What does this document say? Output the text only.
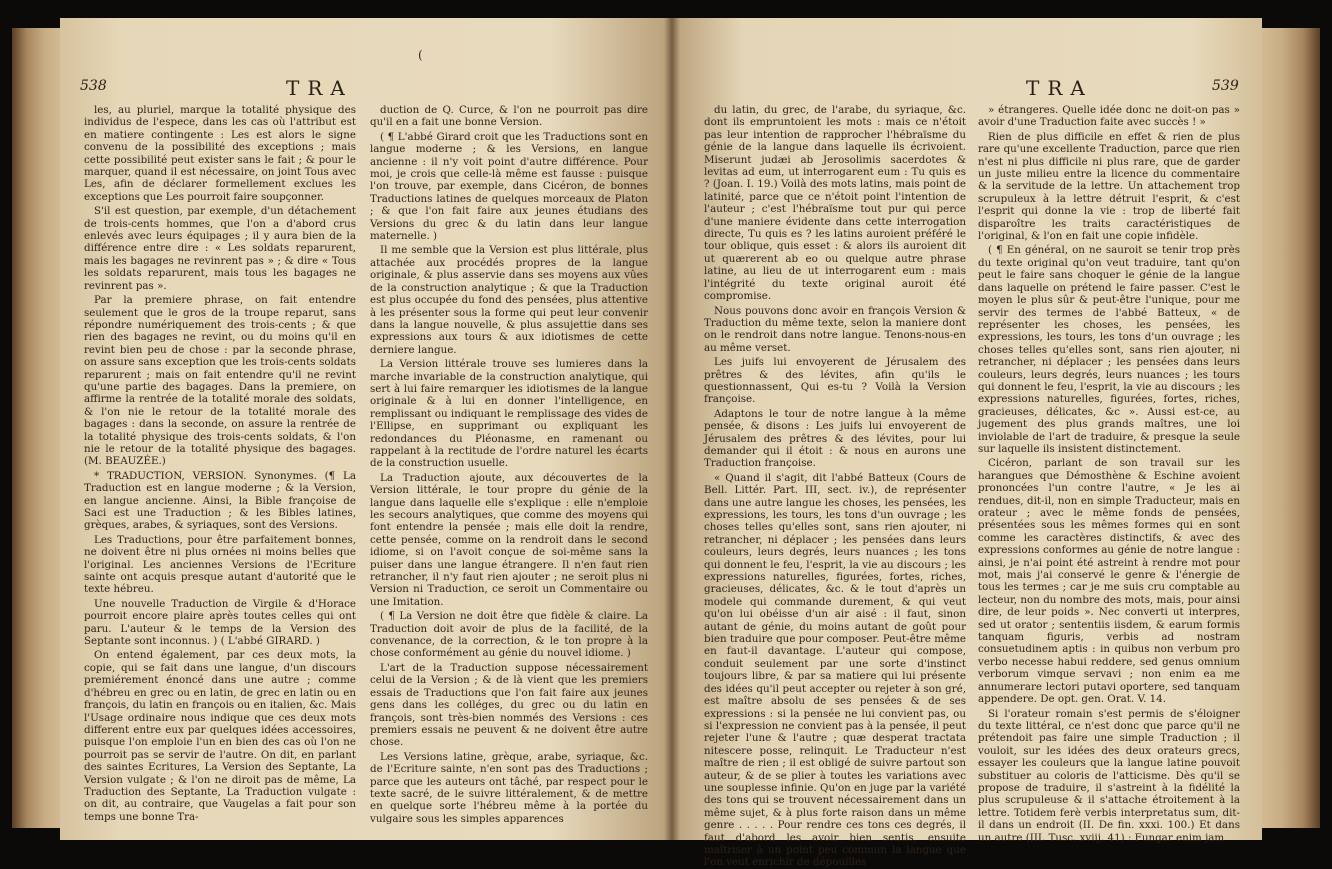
538	TRA
(

les, au pluriel, marque la totalité physique des individus de l'espece, dans les cas où l'attribut est en matiere contingente : Les est alors le signe convenu de la possibilité des exceptions ; mais cette possibilité peut exister sans le fait ; & pour le marquer, quand il est nécessaire, on joint Tous avec Les, afin de déclarer formellement exclues les exceptions que Les pourroit faire soupçonner.

S'il est question, par exemple, d'un détachement de trois-cents hommes, que l'on a d'abord crus enlevés avec leurs équipages ; il y aura bien de la différence entre dire : « Les soldats reparurent, mais les bagages ne revinrent pas » ; & dire « Tous les soldats reparurent, mais tous les bagages ne revinrent pas ».

Par la premiere phrase, on fait entendre seulement que le gros de la troupe reparut, sans répondre numériquement des trois-cents ; & que rien des bagages ne revint, ou du moins qu'il en revint bien peu de chose : par la seconde phrase, on assure sans exception que les trois-cents soldats reparurent ; mais on fait entendre qu'il ne revint qu'une partie des bagages. Dans la premiere, on affirme la rentrée de la totalité morale des soldats, & l'on nie le retour de la totalité morale des bagages : dans la seconde, on assure la rentrée de la totalité physique des trois-cents soldats, & l'on nie le retour de la totalité physique des bagages. (M. BEAUZÉE.)

* TRADUCTION, VERSION. Synonymes. (¶ La Traduction est en langue moderne ; & la Version, en langue ancienne. Ainsi, la Bible françoise de Saci est une Traduction ; & les Bibles latines, grèques, arabes, & syriaques, sont des Versions.

Les Traductions, pour être parfaitement bonnes, ne doivent être ni plus ornées ni moins belles que l'original. Les anciennes Versions de l'Ecriture sainte ont acquis presque autant d'autorité que le texte hébreu.

Une nouvelle Traduction de Virgile & d'Horace pourroit encore plaire après toutes celles qui ont paru. L'auteur & le temps de la Version des Septante sont inconnus. ) ( L'abbé GIRARD. )

On entend également, par ces deux mots, la copie, qui se fait dans une langue, d'un discours premiérement énoncé dans une autre ; comme d'hébreu en grec ou en latin, de grec en latin ou en françois, du latin en françois ou en italien, &c. Mais l'Usage ordinaire nous indique que ces deux mots different entre eux par quelques idées accessoires, puisque l'on emploie l'un en bien des cas où l'on ne pourroit pas se servir de l'autre. On dit, en parlant des saintes Ecritures, La Version des Septante, La Version vulgate ; & l'on ne diroit pas de même, La Traduction des Septante, La Traduction vulgate : on dit, au contraire, que Vaugelas a fait pour son temps une bonne Tra-

duction de Q. Curce, & l'on ne pourroit pas dire qu'il en a fait une bonne Version.

( ¶ L'abbé Girard croit que les Traductions sont en langue moderne ; & les Versions, en langue ancienne : il n'y voit point d'autre différence. Pour moi, je crois que celle-là même est fausse : puisque l'on trouve, par exemple, dans Cicéron, de bonnes Traductions latines de quelques morceaux de Platon ; & que l'on fait faire aux jeunes étudians des Versions du grec & du latin dans leur langue maternelle. )

Il me semble que la Version est plus littérale, plus attachée aux procédés propres de la langue originale, & plus asservie dans ses moyens aux vûes de la construction analytique ; & que la Traduction est plus occupée du fond des pensées, plus attentive à les présenter sous la forme qui peut leur convenir dans la langue nouvelle, & plus assujettie dans ses expressions aux tours & aux idiotismes de cette derniere langue.

La Version littérale trouve ses lumieres dans la marche invariable de la construction analytique, qui sert à lui faire remarquer les idiotismes de la langue originale & à lui en donner l'intelligence, en remplissant ou indiquant le remplissage des vides de l'Ellipse, en supprimant ou expliquant les redondances du Pléonasme, en ramenant ou rappelant à la rectitude de l'ordre naturel les écarts de la construction usuelle.

La Traduction ajoute, aux découvertes de la Version littérale, le tour propre du génie de la langue dans laquelle elle s'explique : elle n'emploie les secours analytiques, que comme des moyens qui font entendre la pensée ; mais elle doit la rendre, cette pensée, comme on la rendroit dans le second idiome, si on l'avoit conçue de soi-même sans la puiser dans une langue étrangere. Il n'en faut rien retrancher, il n'y faut rien ajouter ; ne seroit plus ni Version ni Traduction, ce seroit un Commentaire ou une Imitation.

( ¶ La Version ne doit être que fidèle & claire. La Traduction doit avoir de plus de la facilité, de la convenance, de la correction, & le ton propre à la chose conformément au génie du nouvel idiome. )

L'art de la Traduction suppose nécessairement celui de la Version ; & de là vient que les premiers essais de Traductions que l'on fait faire aux jeunes gens dans les colléges, du grec ou du latin en françois, sont très-bien nommés des Versions : ces premiers essais ne peuvent & ne doivent être autre chose.

Les Versions latine, grèque, arabe, syriaque, &c. de l'Ecriture sainte, n'en sont pas des Traductions ; parce que les auteurs ont tâché, par respect pour le texte sacré, de le suivre littéralement, & de mettre en quelque sorte l'hébreu même à la portée du vulgaire sous les simples apparences

TRA	539

du latin, du grec, de l'arabe, du syriaque, &c. dont ils empruntoient les mots : mais ce n'étoit pas leur intention de rapprocher l'hébraïsme du génie de la langue dans laquelle ils écrivoient. Miserunt judæi ab Jerosolimis sacerdotes & levitas ad eum, ut interrogarent eum : Tu quis es ? (Joan. I. 19.) Voilà des mots latins, mais point de latinité, parce que ce n'étoit point l'intention de l'auteur ; c'est l'hébraïsme tout pur qui perce d'une maniere évidente dans cette interrogation directe, Tu quis es ? les latins auroient préféré le tour oblique, quis esset : & alors ils auroient dit ut quærerent ab eo ou quelque autre phrase latine, au lieu de ut interrogarent eum : mais l'intégrité du texte original auroit été compromise.

Nous pouvons donc avoir en françois Version & Traduction du même texte, selon la maniere dont on le rendroit dans notre langue. Tenons-nous-en au même verset.

Les juifs lui envoyerent de Jérusalem des prêtres & des lévites, afin qu'ils le questionnassent, Qui es-tu ? Voilà la Version françoise.

Adaptons le tour de notre langue à la même pensée, & disons : Les juifs lui envoyerent de Jérusalem des prêtres & des lévites, pour lui demander qui il étoit : & nous en aurons une Traduction françoise.

« Quand il s'agit, dit l'abbé Batteux (Cours de Bell. Littér. Part. III, sect. iv.), de représenter dans une autre langue les choses, les pensées, les expressions, les tours, les tons d'un ouvrage ; les choses telles qu'elles sont, sans rien ajouter, ni retrancher, ni déplacer ; les pensées dans leurs couleurs, leurs degrés, leurs nuances ; les tons qui donnent le feu, l'esprit, la vie au discours ; les expressions naturelles, figurées, fortes, riches, gracieuses, délicates, &c. & le tout d'après un modele qui commande durement, & qui veut qu'on lui obéisse d'un air aisé : il faut, sinon autant de génie, du moins autant de goût pour bien traduire que pour composer. Peut-être même en faut-il davantage. L'auteur qui compose, conduit seulement par une sorte d'instinct toujours libre, & par sa matiere qui lui présente des idées qu'il peut accepter ou rejeter à son gré, est maître absolu de ses pensées & de ses expressions : si la pensée ne lui convient pas, ou si l'expression ne convient pas à la pensée, il peut rejeter l'une & l'autre ; quæ desperat tractata nitescere posse, relinquit. Le Traducteur n'est maître de rien ; il est obligé de suivre partout son auteur, & de se plier à toutes les variations avec une souplesse infinie. Qu'on en juge par la variété des tons qui se trouvent nécessairement dans un même sujet, & à plus forte raison dans un même genre . . . . . Pour rendre ces tons ces degrés, il faut d'abord les avoir bien sentis, ensuite maîtriser à un point peu commun la langue que l'on veut enrichir de dépouilles

» étrangeres. Quelle idée donc ne doit-on pas » avoir d'une Traduction faite avec succès ! »

Rien de plus difficile en effet & rien de plus rare qu'une excellente Traduction, parce que rien n'est ni plus difficile ni plus rare, que de garder un juste milieu entre la licence du commentaire & la servitude de la lettre. Un attachement trop scrupuleux à la lettre détruit l'esprit, & c'est l'esprit qui donne la vie : trop de liberté fait disparoître les traits caractéristiques de l'original, & l'on en fait une copie infidèle.

( ¶ En général, on ne sauroit se tenir trop près du texte original qu'on veut traduire, tant qu'on peut le faire sans choquer le génie de la langue dans laquelle on prétend le faire passer. C'est le moyen le plus sûr & peut-être l'unique, pour me servir des termes de l'abbé Batteux, « de représenter les choses, les pensées, les expressions, les tours, les tons d'un ouvrage ; les choses telles qu'elles sont, sans rien ajouter, ni retrancher, ni déplacer ; les pensées dans leurs couleurs, leurs degrés, leurs nuances ; les tours qui donnent le feu, l'esprit, la vie au discours ; les expressions naturelles, figurées, fortes, riches, gracieuses, délicates, &c ». Aussi est-ce, au jugement des plus grands maîtres, une loi inviolable de l'art de traduire, & presque la seule sur laquelle ils insistent distinctement.

Cicéron, parlant de son travail sur les harangues que Démosthène & Eschine avoient prononcées l'un contre l'autre, « Je les ai rendues, dit-il, non en simple Traducteur, mais en orateur ; avec le même fonds de pensées, présentées sous les mêmes formes qui en sont comme les caractères distinctifs, & avec des expressions conformes au génie de notre langue : ainsi, je n'ai point été astreint à rendre mot pour mot, mais j'ai conservé le genre & l'énergie de tous les termes ; car je me suis cru comptable au lecteur, non du nombre des mots, mais, pour ainsi dire, de leur poids ». Nec converti ut interpres, sed ut orator ; sententiis iisdem, & earum formis tanquam figuris, verbis ad nostram consuetudinem aptis : in quibus non verbum pro verbo necesse habui reddere, sed genus omnium verborum vimque servavi ; non enim ea me annumerare lectori putavi oportere, sed tanquam appendere. De opt. gen. Orat. V. 14.

Si l'orateur romain s'est permis de s'éloigner du texte littéral, ce n'est donc que parce qu'il ne prétendoit pas faire une simple Traduction ; il vouloit, sur les idées des deux orateurs grecs, essayer les couleurs que la langue latine pouvoit substituer au coloris de l'atticisme. Dès qu'il se propose de traduire, il s'astreint à la fidélité la plus scrupuleuse & il s'attache étroitement à la lettre. Totidem ferè verbis interpretatus sum, dit-il dans un endroit (II. De fin. xxxi. 100.) Et dans un autre (III. Tusc. xviij. 41) : Fungar enim jam
